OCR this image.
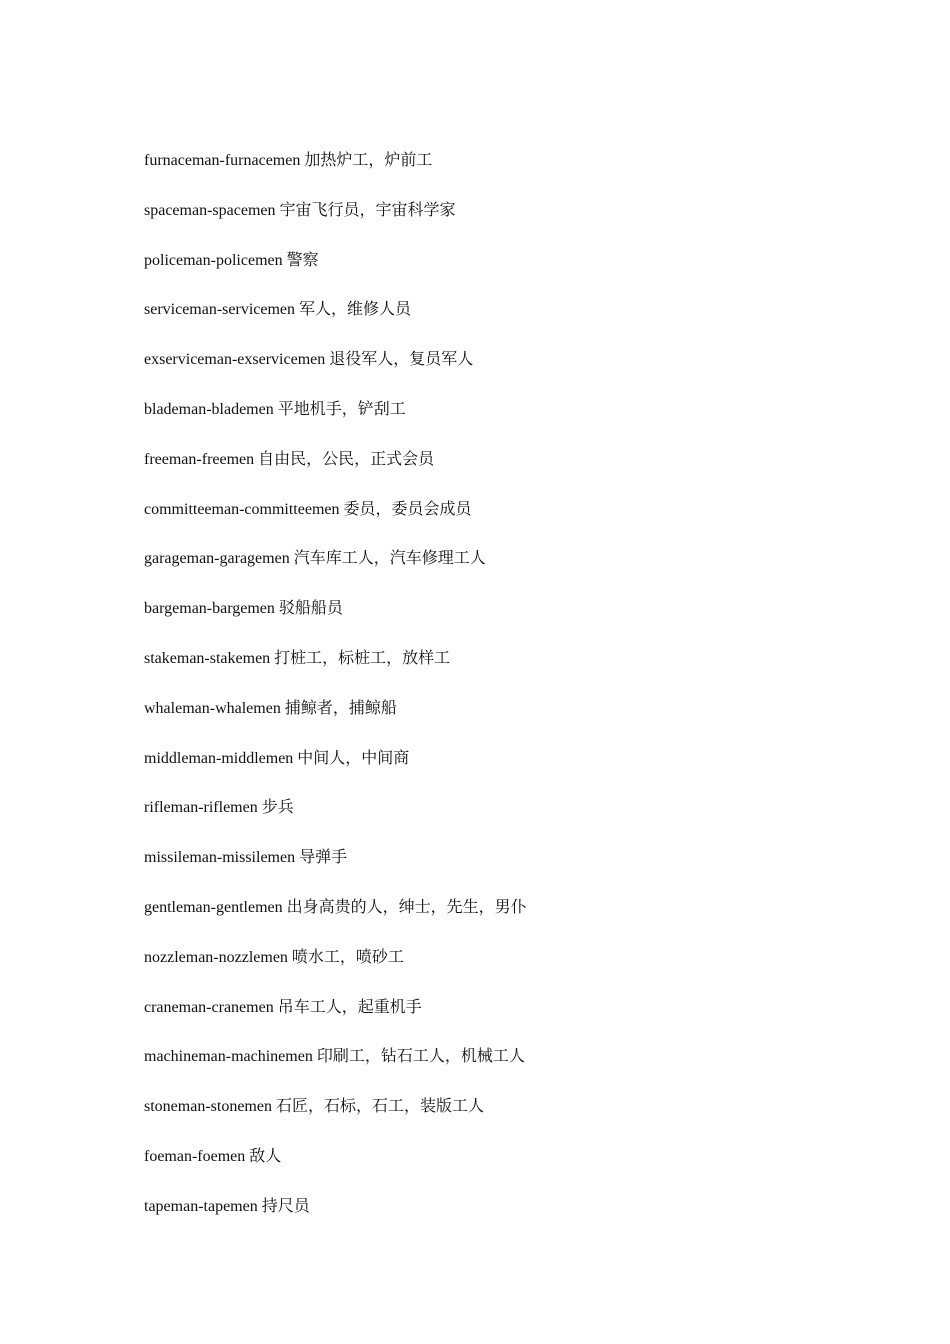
furnaceman-furnacemen 加热炉工，炉前工
spaceman-spacemen 宇宙飞行员，宇宙科学家
policeman-policemen 警察
serviceman-servicemen 军人，维修人员
exserviceman-exservicemen 退役军人，复员军人
blademan-blademen 平地机手，铲刮工
freeman-freemen 自由民，公民，正式会员
committeeman-committeemen 委员，委员会成员
garageman-garagemen 汽车库工人，汽车修理工人
bargeman-bargemen 驳船船员
stakeman-stakemen 打桩工，标桩工，放样工
whaleman-whalemen 捕鲸者，捕鲸船
middleman-middlemen 中间人，中间商
rifleman-riflemen 步兵
missileman-missilemen 导弹手
gentleman-gentlemen 出身高贵的人，绅士，先生，男仆
nozzleman-nozzlemen 喷水工，喷砂工
craneman-cranemen 吊车工人，起重机手
machineman-machinemen 印刷工，钻石工人，机械工人
stoneman-stonemen 石匠，石标，石工，装版工人
foeman-foemen 敌人
tapeman-tapemen 持尺员
